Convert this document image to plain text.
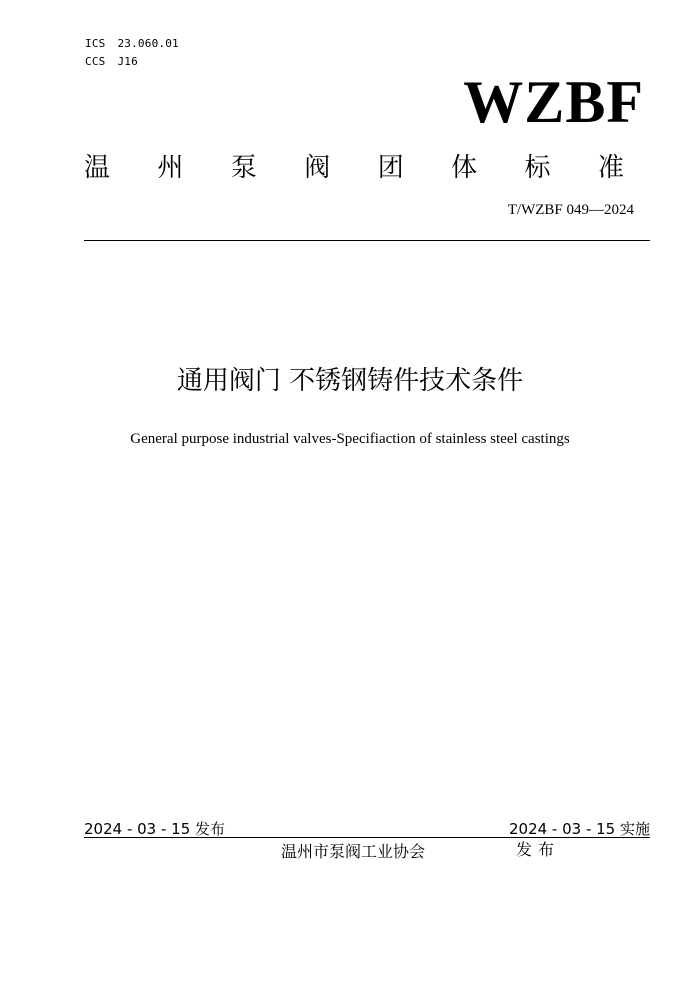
ICS 23.060.01
CCS J16
WZBF
温 州 泵 阀 团 体 标 准
T/WZBF 049—2024
通用阀门 不锈钢铸件技术条件
General purpose industrial valves-Specifiaction of stainless steel castings
2024 - 03 - 15 发布	2024 - 03 - 15 实施
温州市泵阀工业协会	发布
